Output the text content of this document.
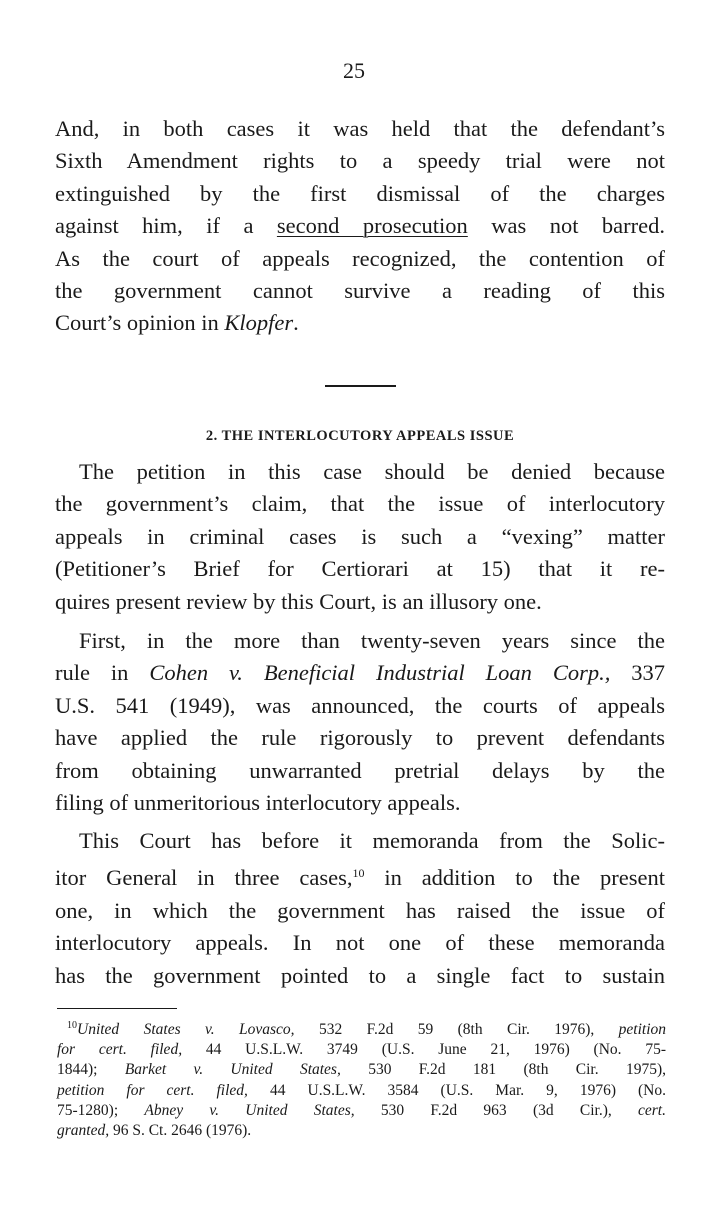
25
And, in both cases it was held that the defendant’s
Sixth Amendment rights to a speedy trial were not
extinguished by the first dismissal of the charges
against him, if a second prosecution was not barred.
As the court of appeals recognized, the contention of
the government cannot survive a reading of this
Court’s opinion in Klopfer.
2. THE INTERLOCUTORY APPEALS ISSUE
The petition in this case should be denied because
the government’s claim, that the issue of interlocutory
appeals in criminal cases is such a “vexing” matter
(Petitioner’s Brief for Certiorari at 15) that it re-
quires present review by this Court, is an illusory one.
First, in the more than twenty-seven years since the
rule in Cohen v. Beneficial Industrial Loan Corp., 337
U.S. 541 (1949), was announced, the courts of appeals
have applied the rule rigorously to prevent defendants
from obtaining unwarranted pretrial delays by the
filing of unmeritorious interlocutory appeals.
This Court has before it memoranda from the Solic-
itor General in three cases,$^{10}$ in addition to the present
one, in which the government has raised the issue of
interlocutory appeals. In not one of these memoranda
has the government pointed to a single fact to sustain
$^{10}$United States v. Lovasco, 532 F.2d 59 (8th Cir. 1976), petition
for cert. filed, 44 U.S.L.W. 3749 (U.S. June 21, 1976) (No. 75-
1844); Barket v. United States, 530 F.2d 181 (8th Cir. 1975),
petition for cert. filed, 44 U.S.L.W. 3584 (U.S. Mar. 9, 1976) (No.
75-1280); Abney v. United States, 530 F.2d 963 (3d Cir.), cert.
granted, 96 S. Ct. 2646 (1976).
